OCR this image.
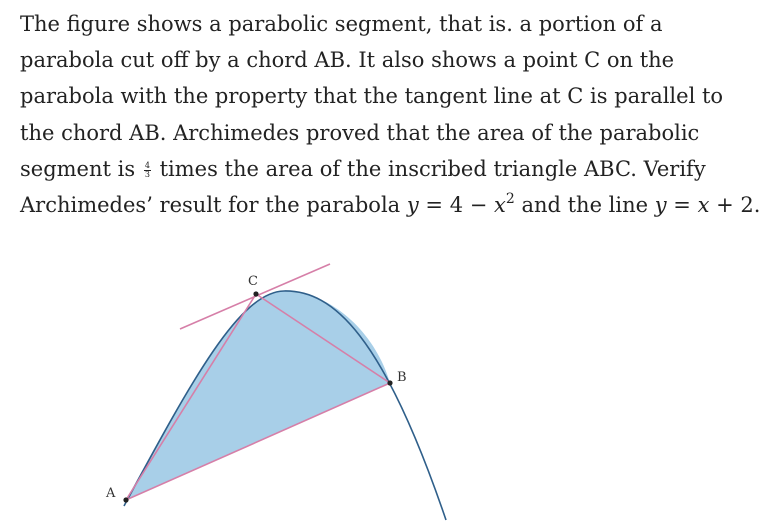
The figure shows a parabolic segment, that is. a portion of a
parabola cut off by a chord AB. It also shows a point C on the
parabola with the property that the tangent line at C is parallel to
the chord AB. Archimedes proved that the area of the parabolic
segment is $\frac{4}{3}$ times the area of the inscribed triangle ABC. Verify
Archimedes’ result for the parabola $y = 4 - x^2$ and the line y = x + 2.
A
B
C
